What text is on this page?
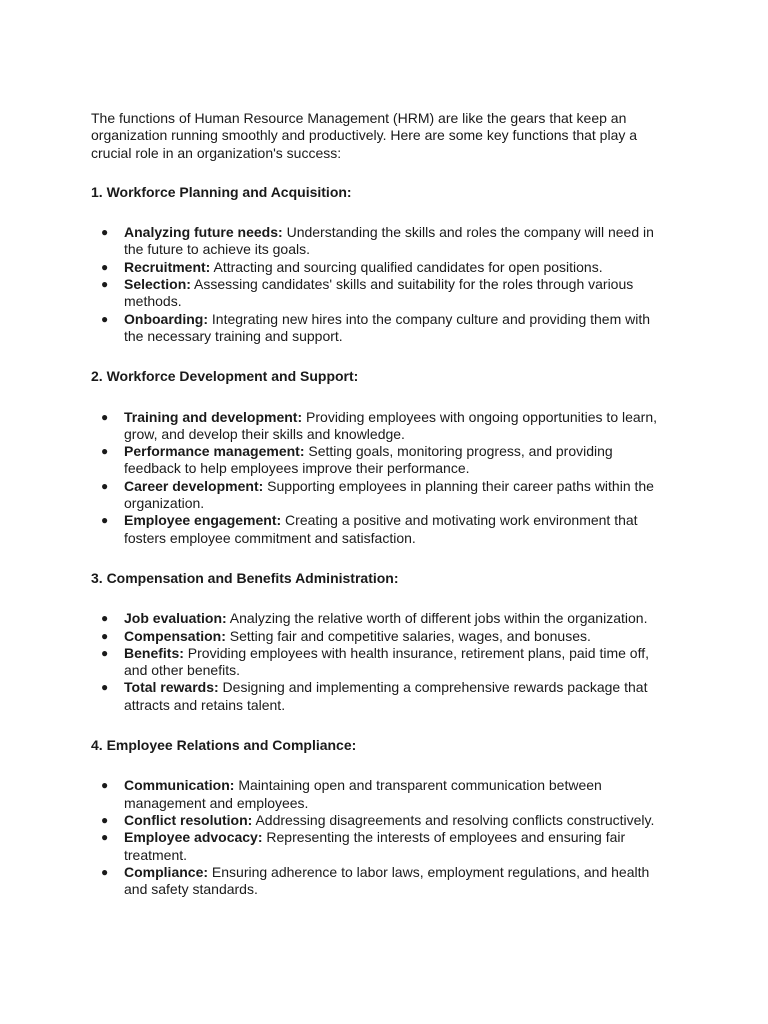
The functions of Human Resource Management (HRM) are like the gears that keep an organization running smoothly and productively. Here are some key functions that play a crucial role in an organization's success:

1. Workforce Planning and Acquisition:
● Analyzing future needs: Understanding the skills and roles the company will need in the future to achieve its goals.
● Recruitment: Attracting and sourcing qualified candidates for open positions.
● Selection: Assessing candidates' skills and suitability for the roles through various methods.
● Onboarding: Integrating new hires into the company culture and providing them with the necessary training and support.
2. Workforce Development and Support:
● Training and development: Providing employees with ongoing opportunities to learn, grow, and develop their skills and knowledge.
● Performance management: Setting goals, monitoring progress, and providing feedback to help employees improve their performance.
● Career development: Supporting employees in planning their career paths within the organization.
● Employee engagement: Creating a positive and motivating work environment that fosters employee commitment and satisfaction.
3. Compensation and Benefits Administration:
● Job evaluation: Analyzing the relative worth of different jobs within the organization.
● Compensation: Setting fair and competitive salaries, wages, and bonuses.
● Benefits: Providing employees with health insurance, retirement plans, paid time off, and other benefits.
● Total rewards: Designing and implementing a comprehensive rewards package that attracts and retains talent.
4. Employee Relations and Compliance:
● Communication: Maintaining open and transparent communication between management and employees.
● Conflict resolution: Addressing disagreements and resolving conflicts constructively.
● Employee advocacy: Representing the interests of employees and ensuring fair treatment.
● Compliance: Ensuring adherence to labor laws, employment regulations, and health and safety standards.
